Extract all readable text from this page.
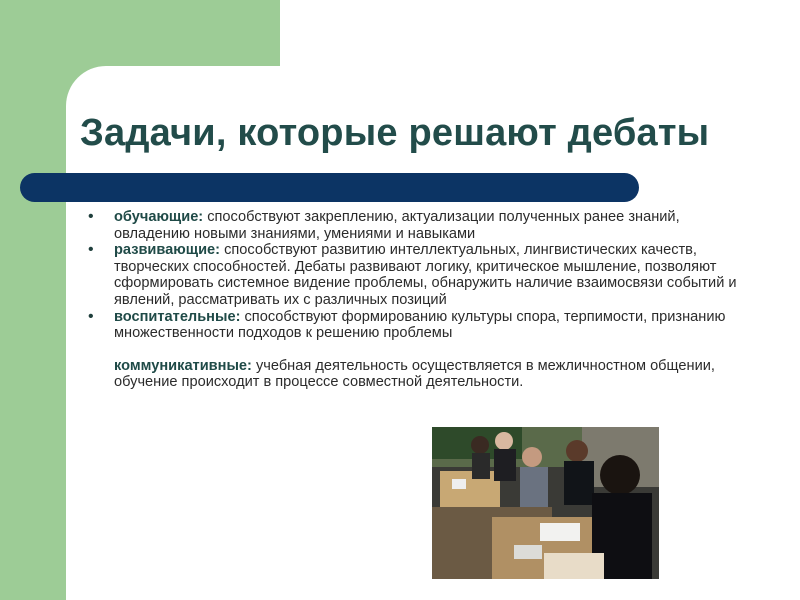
Задачи, которые решают дебаты
• обучающие: способствуют закреплению, актуализации полученных ранее знаний, овладению новыми знаниями, умениями и навыками
• развивающие: способствуют развитию интеллектуальных, лингвистических качеств, творческих способностей. Дебаты развивают логику, критическое мышление, позволяют сформировать системное видение проблемы, обнаружить наличие взаимосвязи событий и явлений, рассматривать их с различных позиций
• воспитательные: способствуют формированию культуры спора, терпимости, признанию множественности подходов к решению проблемы
коммуникативные: учебная деятельность осуществляется в межличностном общении, обучение происходит в процессе совместной деятельности.
